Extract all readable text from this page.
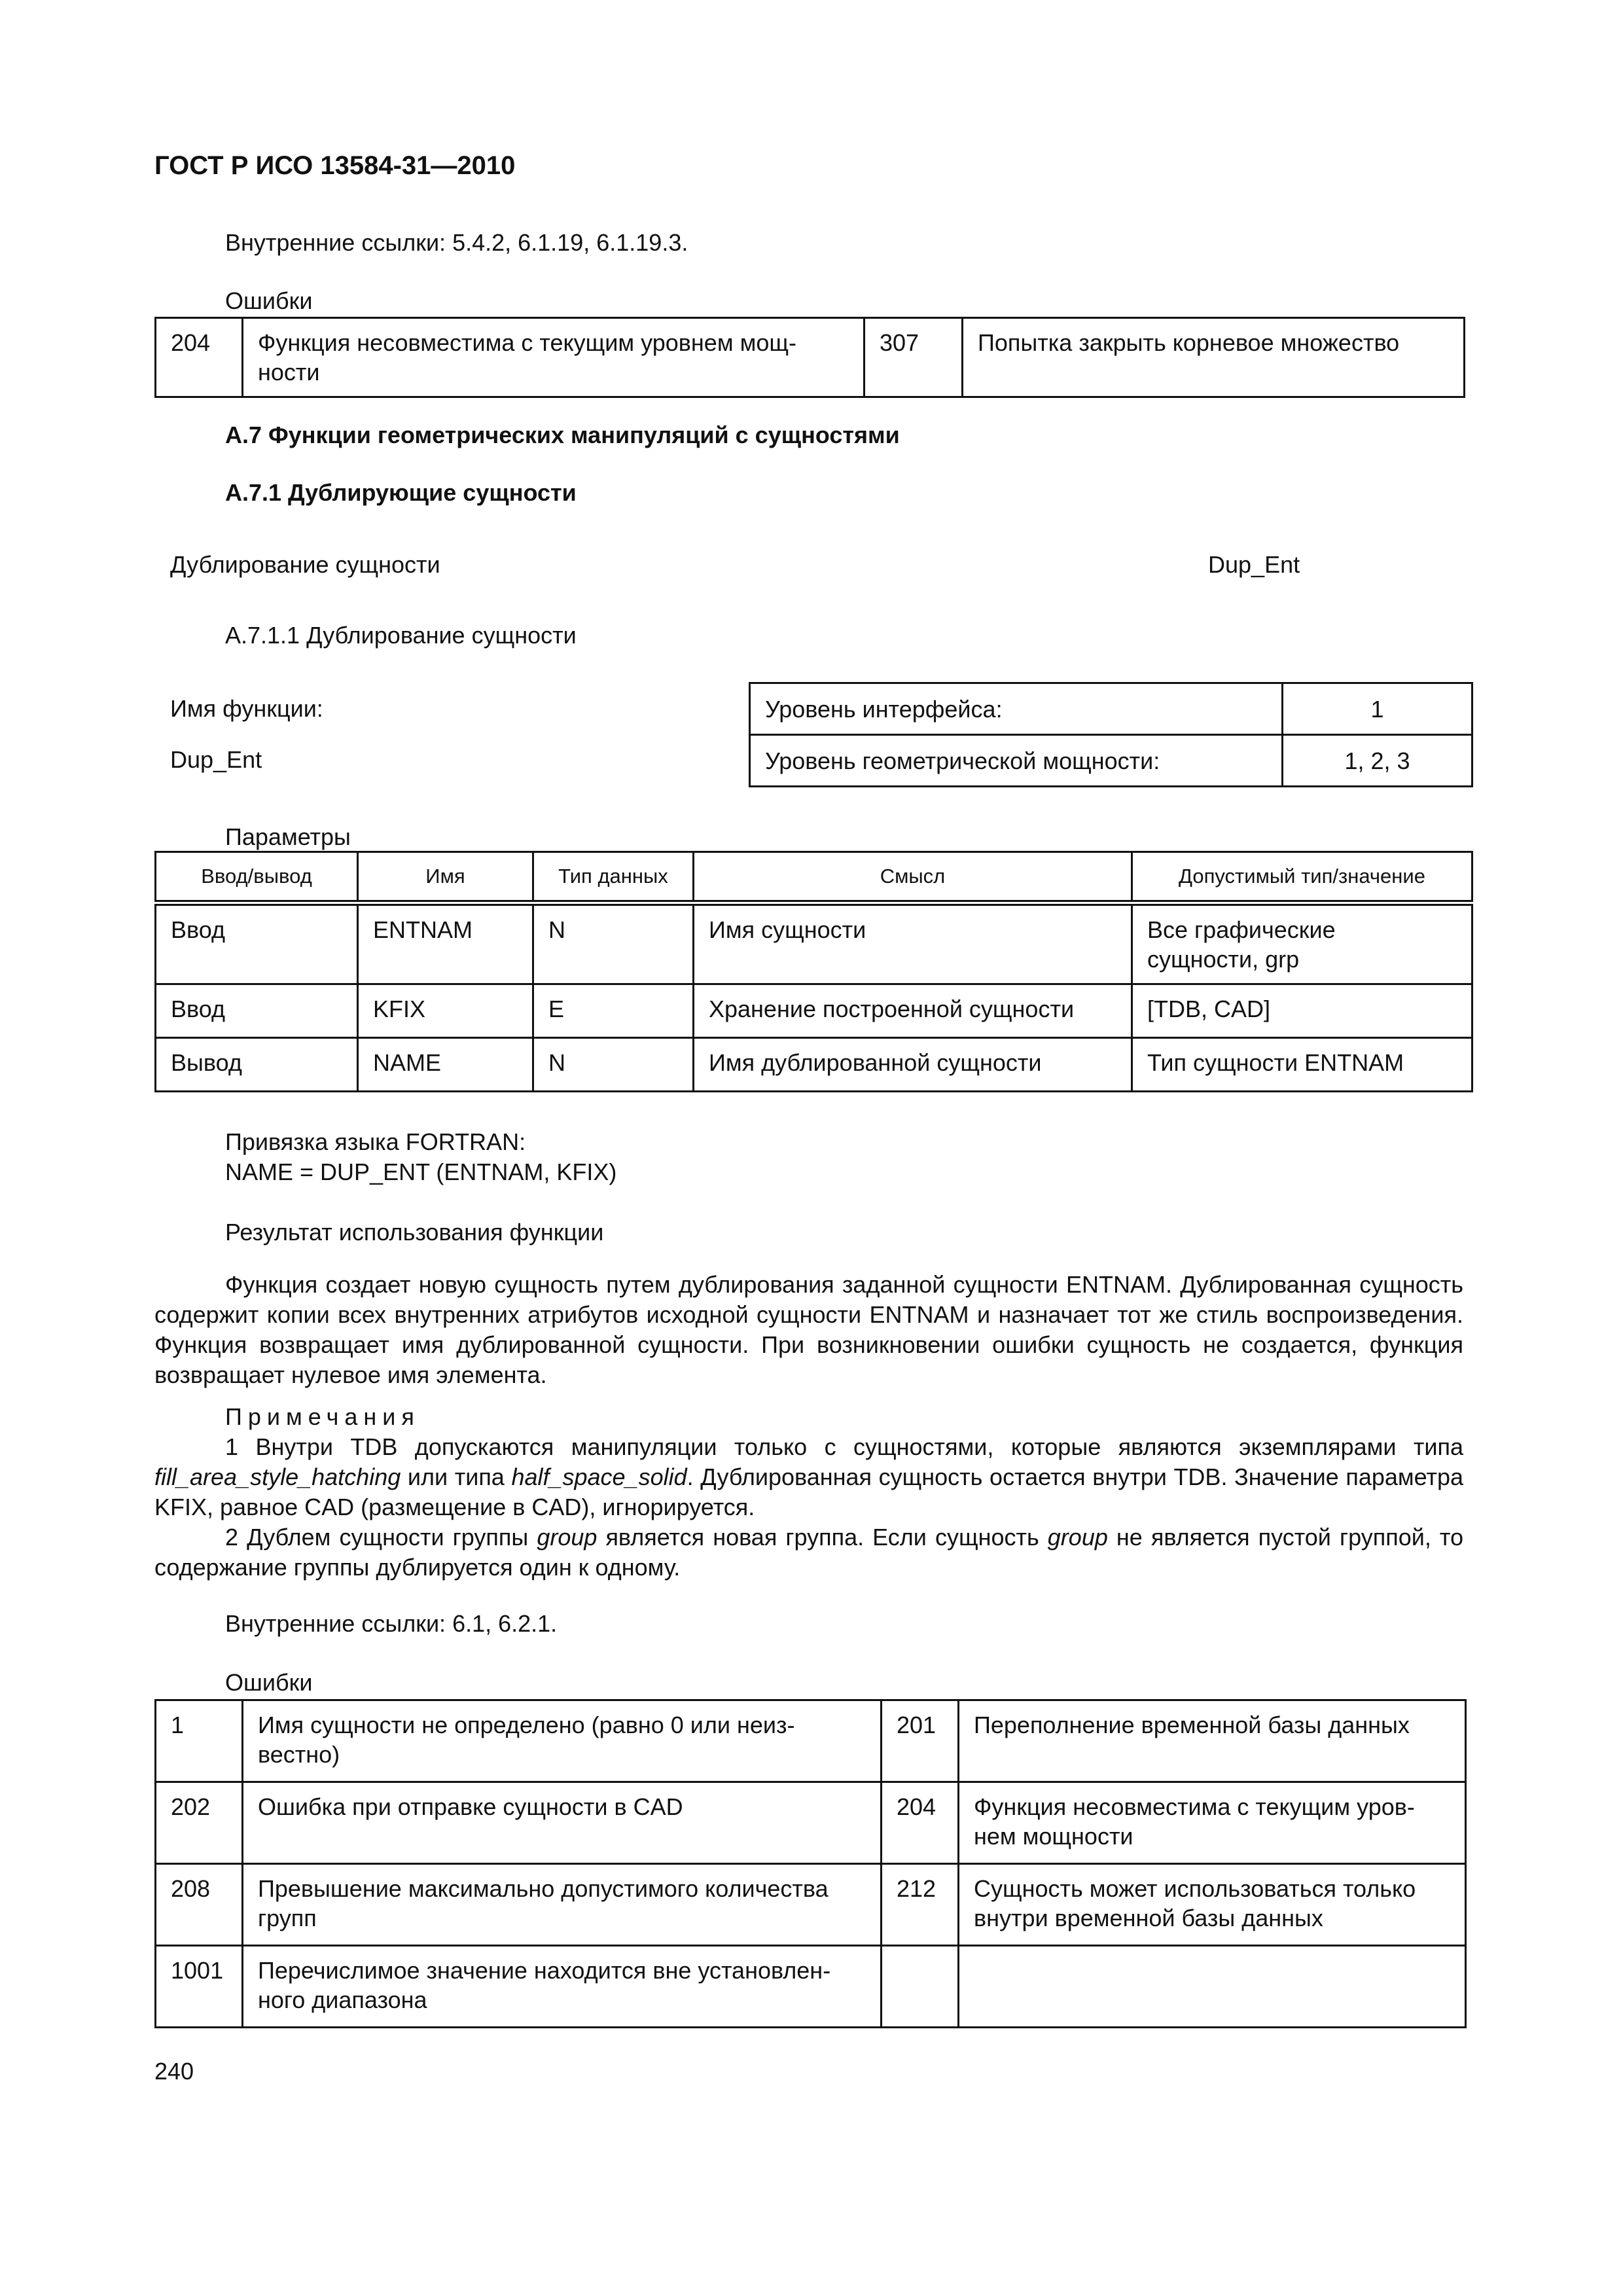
ГОСТ Р ИСО 13584-31—2010
Внутренние ссылки: 5.4.2, 6.1.19, 6.1.19.3.
Ошибки
204	Функция несовместима с текущим уровнем мощ-
ности	307	Попытка закрыть корневое множество
А.7 Функции геометрических манипуляций с сущностями
А.7.1 Дублирующие сущности
Дублирование сущности	Dup_Ent
А.7.1.1 Дублирование сущности
Имя функции:
Dup_Ent
Уровень интерфейса:	1
Уровень геометрической мощности:	1, 2, 3
Параметры
Ввод/вывод	Имя	Тип данных	Смысл	Допустимый тип/значение
Ввод	ENTNAM	N	Имя сущности	Все графические
сущности, grp
Ввод	KFIX	E	Хранение построенной сущности	[TDB, CAD]
Вывод	NAME	N	Имя дублированной сущности	Тип сущности ENTNAM
Привязка языка FORTRAN:
NAME = DUP_ENT (ENTNAM, KFIX)
Результат использования функции

Функция создает новую сущность путем дублирования заданной сущности ENTNAM. Дублированная сущность содержит копии всех внутренних атрибутов исходной сущности ENTNAM и назначает тот же стиль воспроизведения. Функция возвращает имя дублированной сущности. При возникновении ошибки сущность не создается, функция возвращает нулевое имя элемента.

Примечания

1 Внутри TDB допускаются манипуляции только с сущностями, которые являются экземплярами типа fill_area_style_hatching или типа half_space_solid. Дублированная сущность остается внутри TDB. Значение параметра KFIX, равное CAD (размещение в CAD), игнорируется.

2 Дублем сущности группы group является новая группа. Если сущность group не является пустой группой, то содержание группы дублируется один к одному.

Внутренние ссылки: 6.1, 6.2.1.
Ошибки
1	Имя сущности не определено (равно 0 или неиз-
вестно)	201	Переполнение временной базы данных
202	Ошибка при отправке сущности в CAD	204	Функция несовместима с текущим уров-
нем мощности
208	Превышение максимально допустимого количества
групп	212	Сущность может использоваться только
внутри временной базы данных
1001	Перечислимое значение находится вне установлен-
ного диапазона		
240
